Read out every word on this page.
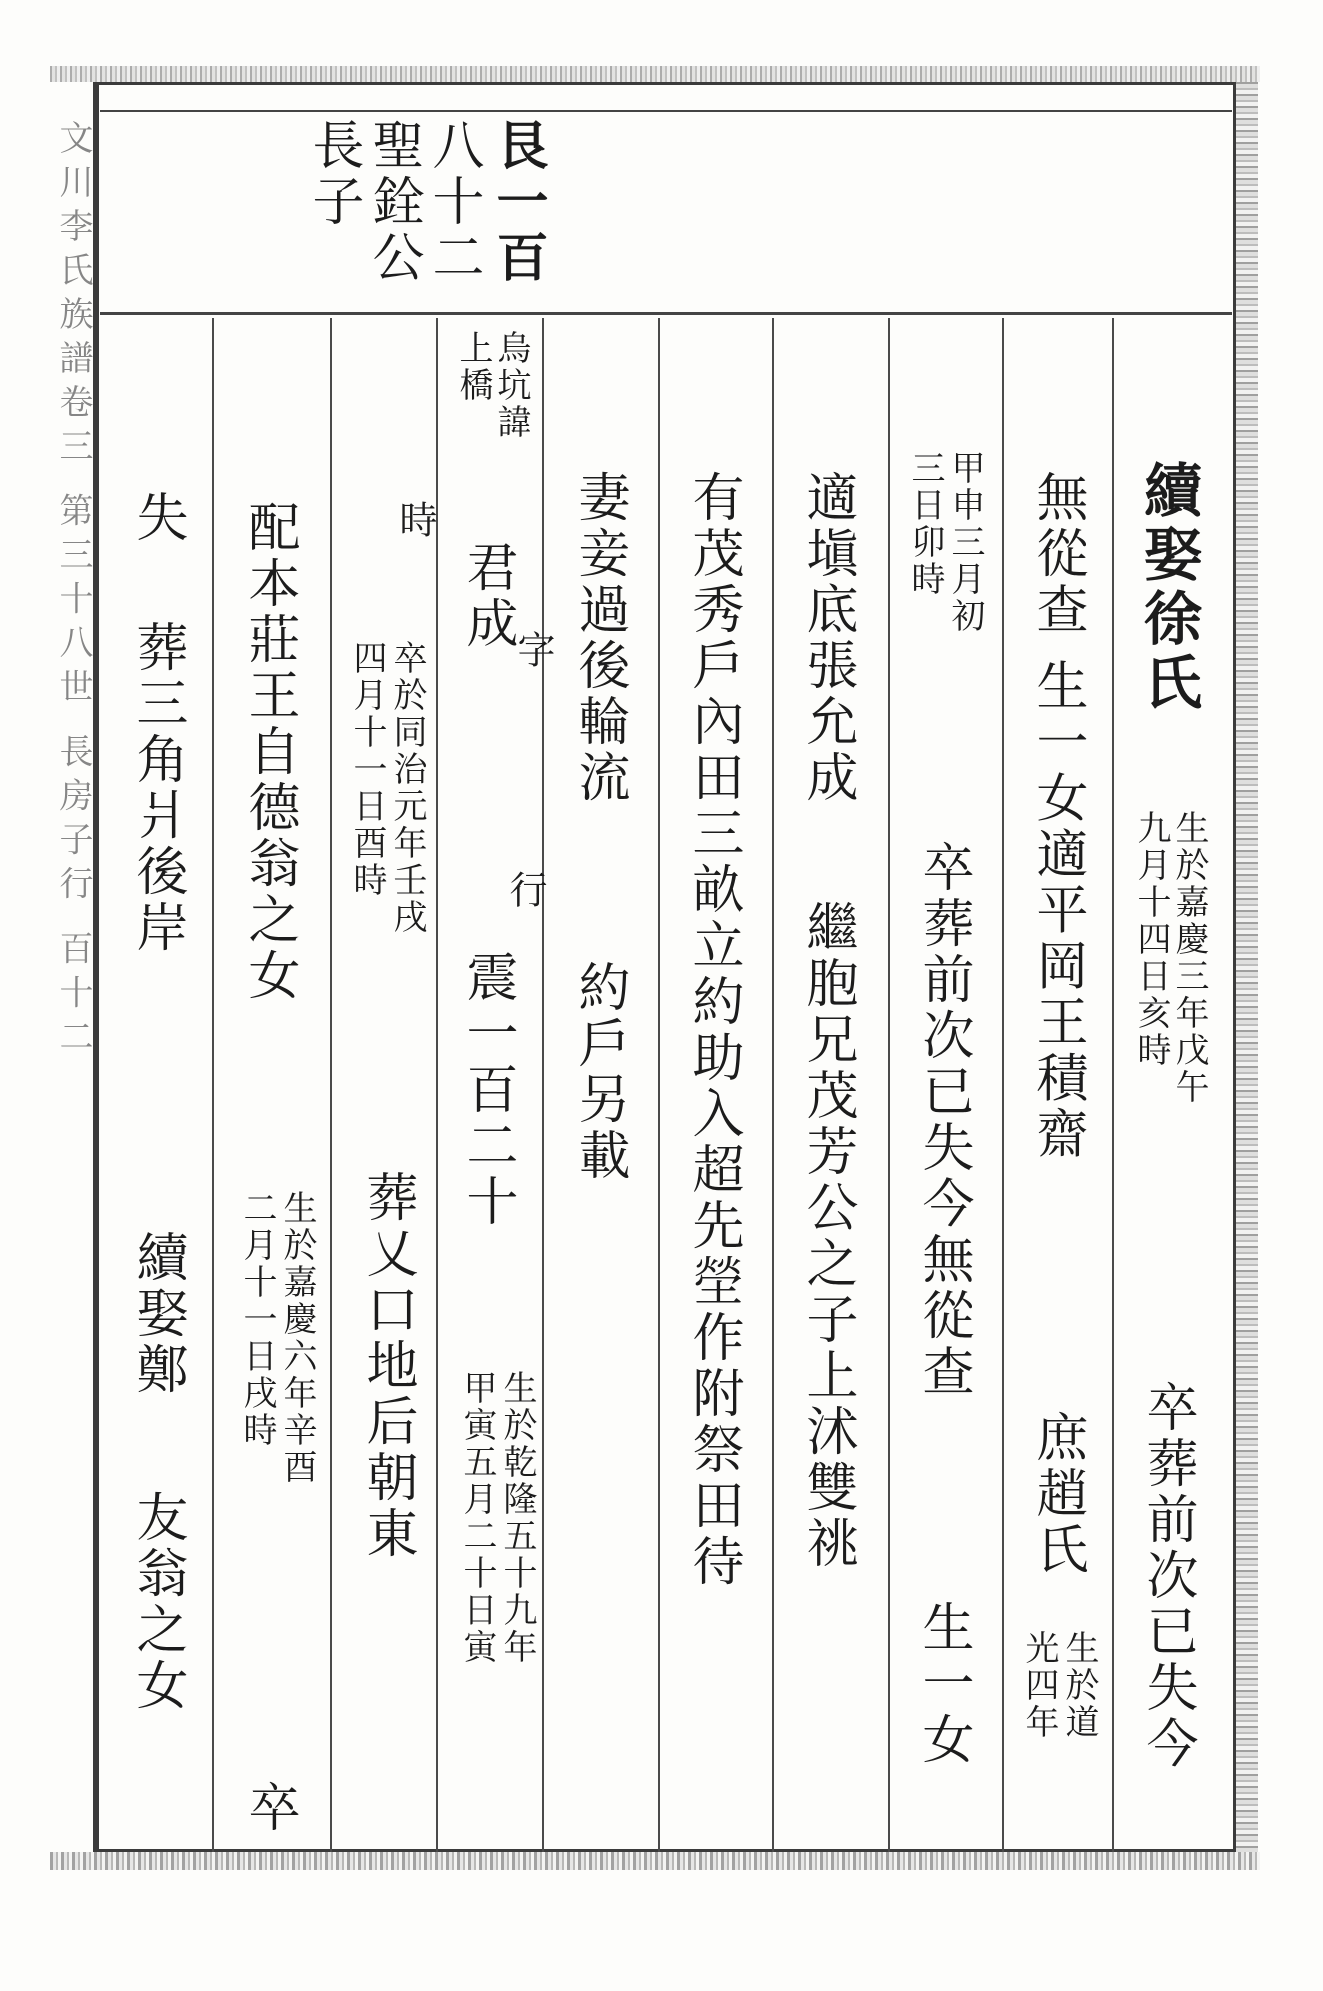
文川李氏族譜卷三 第三十八世 長房子行 百十二	艮一百
八十二
聖銓公
長子
續娶徐氏
生於嘉慶三年戊午
九月十四日亥時
卒葬前次已失今
無從查 生一女適平岡王積齋
庶趙氏
生於道
光四年
甲申三月初
三日卯時
卒葬前次已失今無從查
生一女
適塡底張允成
繼胞兄茂芳公之子上沭雙祧
有茂秀戶內田三畝立約助入超先塋作附祭田待
妻妾過後輪流
約戶另載
烏坑諱
上橋
君成
字
行
震一百二十
生於乾隆五十九年
甲寅五月二十日寅
時
卒於同治元年壬戌
四月十一日酉時
葬乂口地后朝東
配本莊王自德翁之女
生於嘉慶六年辛酉
二月十一日戌時
卒
失
葬三角爿後岸
續娶鄭
友翁之女
